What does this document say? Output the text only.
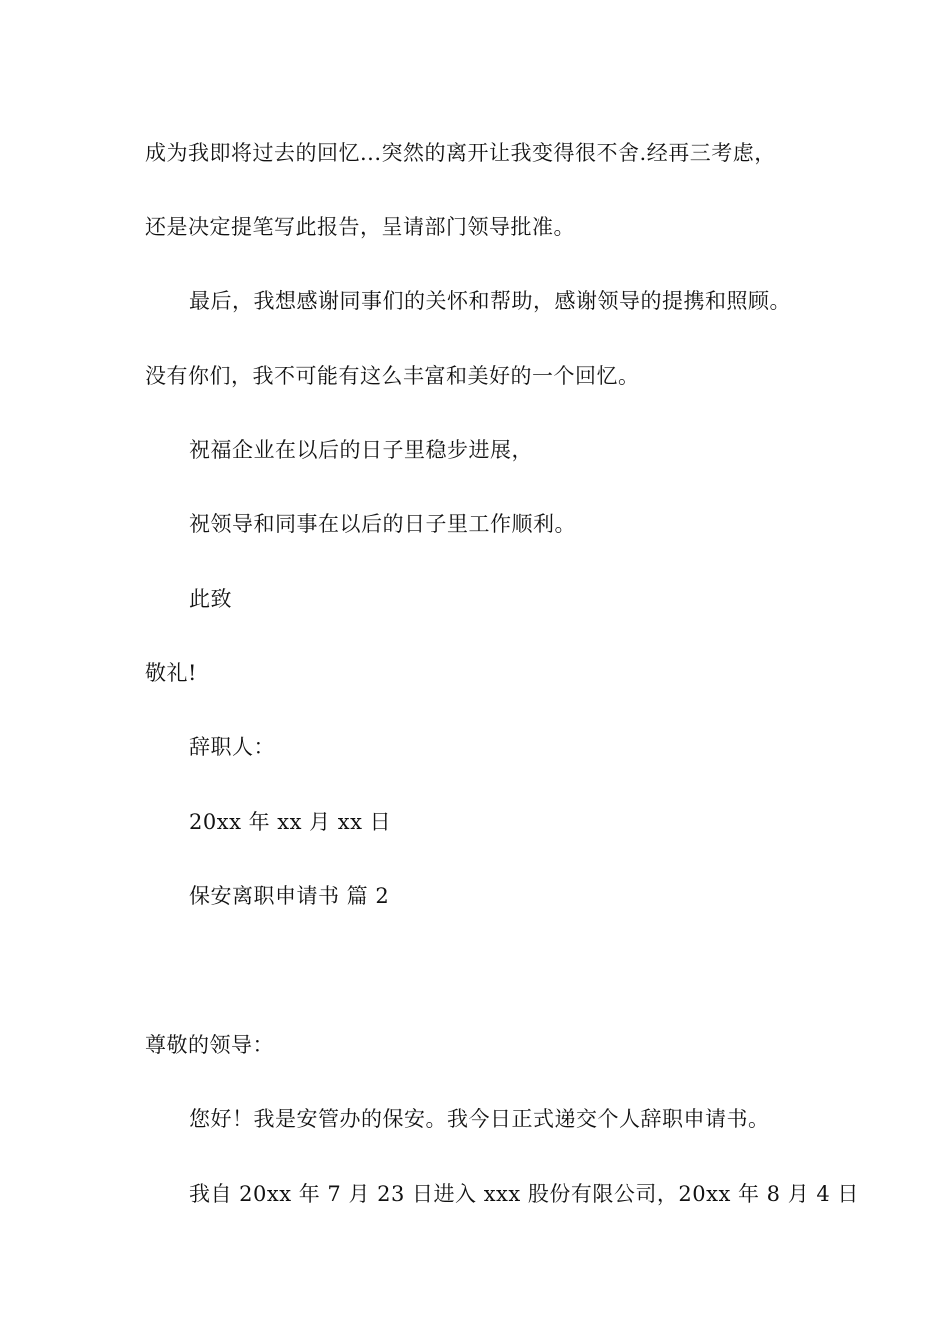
成为我即将过去的回忆...突然的离开让我变得很不舍.经再三考虑，
还是决定提笔写此报告，呈请部门领导批准。
最后，我想感谢同事们的关怀和帮助，感谢领导的提携和照顾。
没有你们，我不可能有这么丰富和美好的一个回忆。
祝福企业在以后的日子里稳步进展，
祝领导和同事在以后的日子里工作顺利。
此致
敬礼!
辞职人：
20xx 年 xx 月 xx 日
保安离职申请书 篇 2
尊敬的领导：
您好！我是安管办的保安。我今日正式递交个人辞职申请书。
我自 20xx 年 7 月 23 日进入 xxx 股份有限公司，20xx 年 8 月 4 日
